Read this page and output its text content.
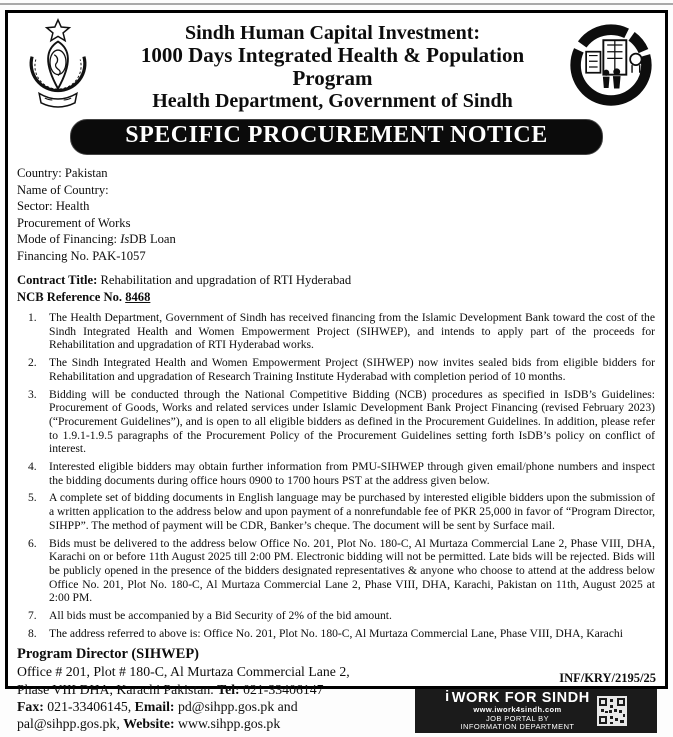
Sindh Human Capital Investment:
1000 Days Integrated Health & Population Program
Health Department, Government of Sindh
SPECIFIC PROCUREMENT NOTICE
Country: Pakistan
Name of Country:
Sector: Health
Procurement of Works
Mode of Financing: IsDB Loan
Financing No. PAK-1057
Contract Title: Rehabilitation and upgradation of RTI Hyderabad
NCB Reference No. 8468
1.	The Health Department, Government of Sindh has received financing from the Islamic Development Bank toward the cost of the Sindh Integrated Health and Women Empowerment Project (SIHWEP), and intends to apply part of the proceeds for Rehabilitation and upgradation of RTI Hyderabad works.
2.	The Sindh Integrated Health and Women Empowerment Project (SIHWEP) now invites sealed bids from eligible bidders for Rehabilitation and upgradation of Research Training Institute Hyderabad with completion period of 10 months.
3.	Bidding will be conducted through the National Competitive Bidding (NCB) procedures as specified in IsDB’s Guidelines: Procurement of Goods, Works and related services under Islamic Development Bank Project Financing (revised February 2023) (“Procurement Guidelines”), and is open to all eligible bidders as defined in the Procurement Guidelines. In addition, please refer to 1.9.1-1.9.5 paragraphs of the Procurement Policy of the Procurement Guidelines setting forth IsDB’s policy on conflict of interest.
4.	Interested eligible bidders may obtain further information from PMU-SIHWEP through given email/phone numbers and inspect the bidding documents during office hours 0900 to 1700 hours PST at the address given below.
5.	A complete set of bidding documents in English language may be purchased by interested eligible bidders upon the submission of a written application to the address below and upon payment of a nonrefundable fee of PKR 25,000 in favor of “Program Director, SIHPP”. The method of payment will be CDR, Banker’s cheque. The document will be sent by Surface mail.
6.	Bids must be delivered to the address below Office No. 201, Plot No. 180-C, Al Murtaza Commercial Lane 2, Phase VIII, DHA, Karachi on or before 11th August 2025 till 2:00 PM. Electronic bidding will not be permitted. Late bids will be rejected. Bids will be publicly opened in the presence of the bidders designated representatives & anyone who choose to attend at the address below Office No. 201, Plot No. 180-C, Al Murtaza Commercial Lane 2, Phase VIII, DHA, Karachi, Pakistan on 11th, August 2025 at 2:00 PM.
7.	All bids must be accompanied by a Bid Security of 2% of the bid amount.
8.	The address referred to above is: Office No. 201, Plot No. 180-C, Al Murtaza Commercial Lane, Phase VIII, DHA, Karachi
Program Director (SIHWEP)
Office # 201, Plot # 180-C, Al Murtaza Commercial Lane 2,
Phase VIII DHA, Karachi Pakistan. Tel: 021-33406147
Fax: 021-33406145, Email: pd@sihpp.gos.pk and
pal@sihpp.gos.pk, Website: www.sihpp.gos.pk
INF/KRY/2195/25
i WORK FOR SINDH
www.iwork4sindh.com
JOB PORTAL BY
INFORMATION DEPARTMENT
